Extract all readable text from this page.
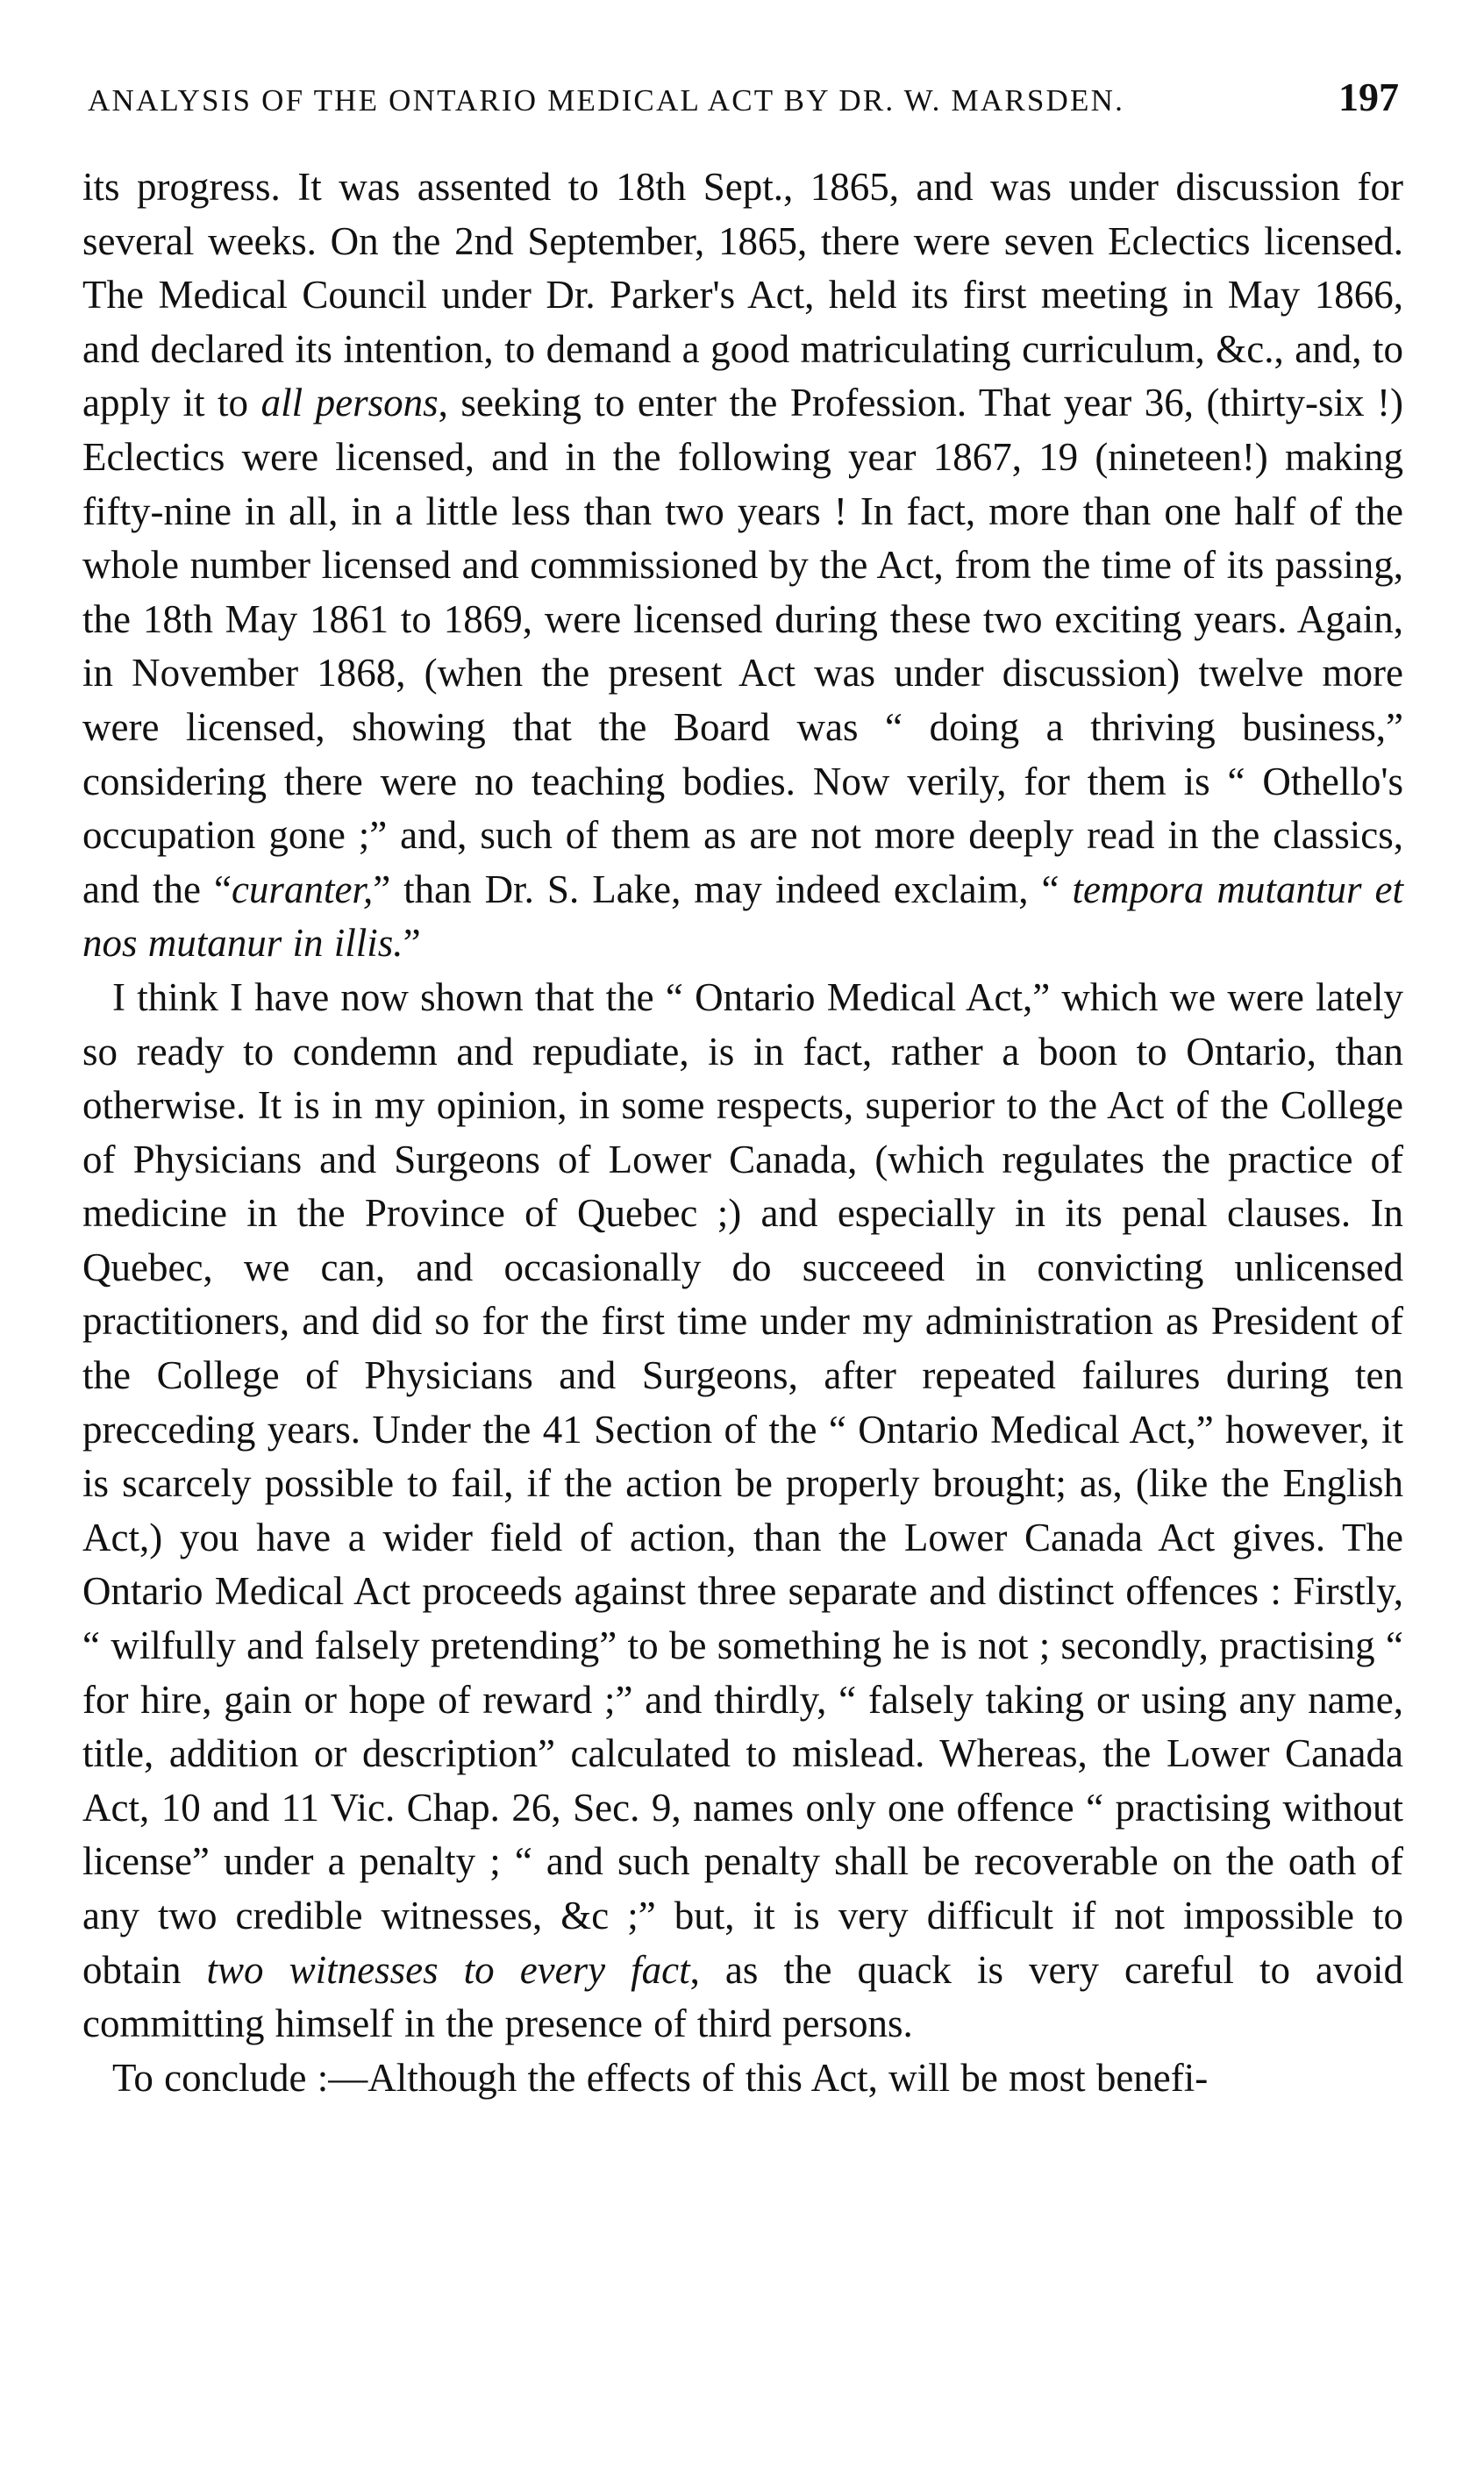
ANALYSIS OF THE ONTARIO MEDICAL ACT BY DR. W. MARSDEN.	197

its progress. It was assented to 18th Sept., 1865, and was under discussion for several weeks. On the 2nd September, 1865, there were seven Eclectics licensed. The Medical Council under Dr. Parker's Act, held its first meeting in May 1866, and declared its intention, to demand a good matriculating curriculum, &c., and, to apply it to all persons, seeking to enter the Profession. That year 36, (thirty-six !) Eclectics were licensed, and in the following year 1867, 19 (nineteen!) making fifty-nine in all, in a little less than two years ! In fact, more than one half of the whole number licensed and commissioned by the Act, from the time of its passing, the 18th May 1861 to 1869, were licensed during these two exciting years. Again, in November 1868, (when the present Act was under discussion) twelve more were licensed, showing that the Board was “ doing a thriving business,” considering there were no teaching bodies. Now verily, for them is “ Othello's occupation gone ;” and, such of them as are not more deeply read in the classics, and the “curanter,” than Dr. S. Lake, may indeed exclaim, “ tempora mutantur et nos mutanur in illis.”

I think I have now shown that the “ Ontario Medical Act,” which we were lately so ready to condemn and repudiate, is in fact, rather a boon to Ontario, than otherwise. It is in my opinion, in some respects, superior to the Act of the College of Physicians and Surgeons of Lower Canada, (which regulates the practice of medicine in the Province of Quebec ;) and especially in its penal clauses. In Quebec, we can, and occasionally do succeeed in convicting unlicensed practitioners, and did so for the first time under my administration as President of the College of Physicians and Surgeons, after repeated failures during ten precceding years. Under the 41 Section of the “ Ontario Medical Act,” however, it is scarcely possible to fail, if the action be properly brought; as, (like the English Act,) you have a wider field of action, than the Lower Canada Act gives. The Ontario Medical Act proceeds against three separate and distinct offences : Firstly, “ wilfully and falsely pretending” to be something he is not ; secondly, practising “ for hire, gain or hope of reward ;” and thirdly, “ falsely taking or using any name, title, addition or description” calculated to mislead. Whereas, the Lower Canada Act, 10 and 11 Vic. Chap. 26, Sec. 9, names only one offence “ practising without license” under a penalty ; “ and such penalty shall be recoverable on the oath of any two credible witnesses, &c ;” but, it is very difficult if not impossible to obtain two witnesses to every fact, as the quack is very careful to avoid committing himself in the presence of third persons.

To conclude :—Although the effects of this Act, will be most benefi-
